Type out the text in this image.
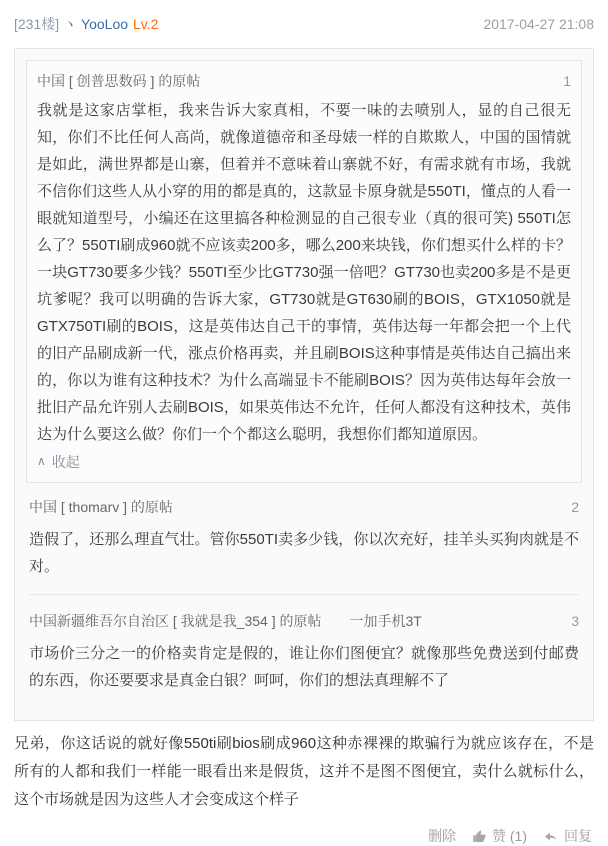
[231楼] ヽ YooLoo Lv.2	2017-04-27 21:08
中国 [ 创普思数码 ] 的原帖	1
我就是这家店掌柜，我来告诉大家真相，不要一味的去喷别人，显的自己很无知，你们不比任何人高尚，就像道德帝和圣母婊一样的自欺欺人，中国的国情就是如此，满世界都是山寨，但着并不意味着山寨就不好，有需求就有市场，我就不信你们这些人从小穿的用的都是真的，这款显卡原身就是550TI，懂点的人看一眼就知道型号，小编还在这里搞各种检测显的自己很专业（真的很可笑) 550TI怎么了？550TI刷成960就不应该卖200多，哪么200来块钱，你们想买什么样的卡？一块GT730要多少钱？550TI至少比GT730强一倍吧？GT730也卖200多是不是更坑爹呢？我可以明确的告诉大家，GT730就是GT630刷的BOIS，GTX1050就是GTX750TI刷的BOIS，这是英伟达自己干的事情，英伟达每一年都会把一个上代的旧产品刷成新一代，涨点价格再卖，并且刷BOIS这种事情是英伟达自己搞出来的，你以为谁有这种技术？为什么高端显卡不能刷BOIS？因为英伟达每年会放一批旧产品允许别人去刷BOIS，如果英伟达不允许，任何人都没有这种技术，英伟达为什么要这么做？你们一个个都这么聪明，我想你们都知道原因。
∧ 收起
中国 [ thomarv ] 的原帖	2
造假了，还那么理直气壮。管你550TI卖多少钱，你以次充好，挂羊头买狗肉就是不对。
中国新疆维吾尔自治区 [ 我就是我_354 ] 的原帖 一加手机3T	3
市场价三分之一的价格卖肯定是假的，谁让你们图便宜？就像那些免费送到付邮费的东西，你还要要求是真金白银？呵呵，你们的想法真理解不了
兄弟，你这话说的就好像550ti刷bios刷成960这种赤裸裸的欺骗行为就应该存在，不是所有的人都和我们一样能一眼看出来是假货，这并不是图不图便宜，卖什么就标什么，这个市场就是因为这些人才会变成这个样子
删除	赞 (1)	回复
